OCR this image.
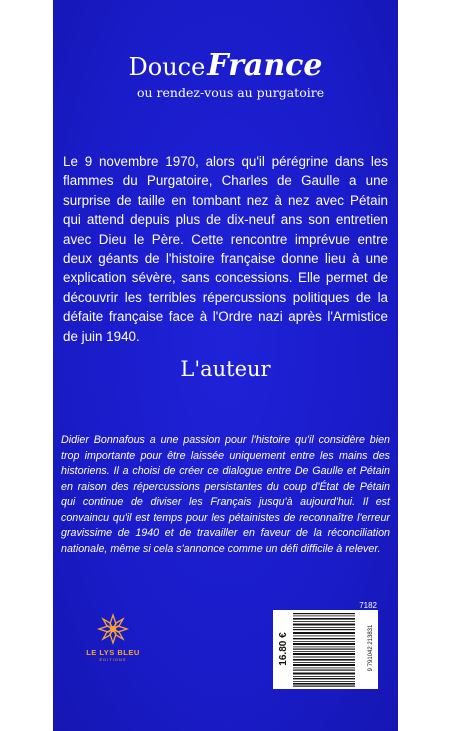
DouceFrance
ou rendez-vous au purgatoire
Le 9 novembre 1970, alors qu'il pérégrine dans les flammes du Purgatoire, Charles de Gaulle a une surprise de taille en tombant nez à nez avec Pétain qui attend depuis plus de dix-neuf ans son entretien avec Dieu le Père. Cette rencontre imprévue entre deux géants de l'histoire française donne lieu à une explication sévère, sans concessions. Elle permet de découvrir les terribles répercussions politiques de la défaite française face à l'Ordre nazi après l'Armistice de juin 1940.
L'auteur
Didier Bonnafous a une passion pour l'histoire qu'il considère bien trop importante pour être laissée uniquement entre les mains des historiens. Il a choisi de créer ce dialogue entre De Gaulle et Pétain en raison des répercussions persistantes du coup d'État de Pétain qui continue de diviser les Français jusqu'à aujourd'hui. Il est convaincu qu'il est temps pour les pétainistes de reconnaître l'erreur gravissime de 1940 et de travailler en faveur de la réconciliation nationale, même si cela s'annonce comme un défi difficile à relever.
7182
LE LYS BLEU
ÉDITIONS	16.80 €	9 791042 213831
